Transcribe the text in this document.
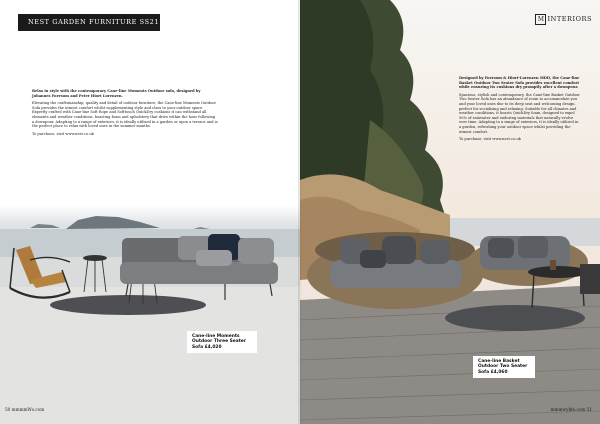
NEST GARDEN FURNITURE SS21

Relax in style with the contemporary Cane-line Moments Outdoor sofa, designed by Johannes Foersom and Peter Hiort Lorenzen.

Elevating the craftsmanship, quality and detail of outdoor furniture, the Cane-line Moments Outdoor Sofa provides the utmost comfort whilst supplementing style and class to your outdoor space. Expertly crafted with Cane-line Soft Rope and Softtouch QuickDry cushions it can withstand all elements and weather conditions, boasting foam and upholstery that dries within the hour following a downpour. Adapting to a range of exteriors, it is ideally utilised in a garden or upon a terrace and is the perfect place to relax with loved ones in the summer months.

To purchase, visit www.nest.co.uk

Cane-line Moments Outdoor Three Seater Sofa £4,020
50 mmmmWs.com
M INTERIORS

Designed by Foersom & Hiort-Lorenzen MDD, the Cane-line Basket Outdoor Two Seater Sofa provides excellent comfort while ensuring its cushions dry promptly after a downpour.

Spacious, stylish and contemporary, the Cane-line Basket Outdoor Two Seater Sofa has an abundance of room to accommodate you and your loved ones due to its deep seat and welcoming design, perfect for socialising and relaxing. Suitable for all climates and weather conditions, it boasts QuickDry foam, designed to expel 90% of rainwater and enduring materials that naturally evolve over time. Adapting to a range of exteriors, it is ideally utilised in a garden, refreshing your outdoor space whilst providing the utmost comfort.

To purchase, visit www.nest.co.uk

Cane-line Basket Outdoor Two Seater Sofa £4,060
mmmwyhfe.com 51
